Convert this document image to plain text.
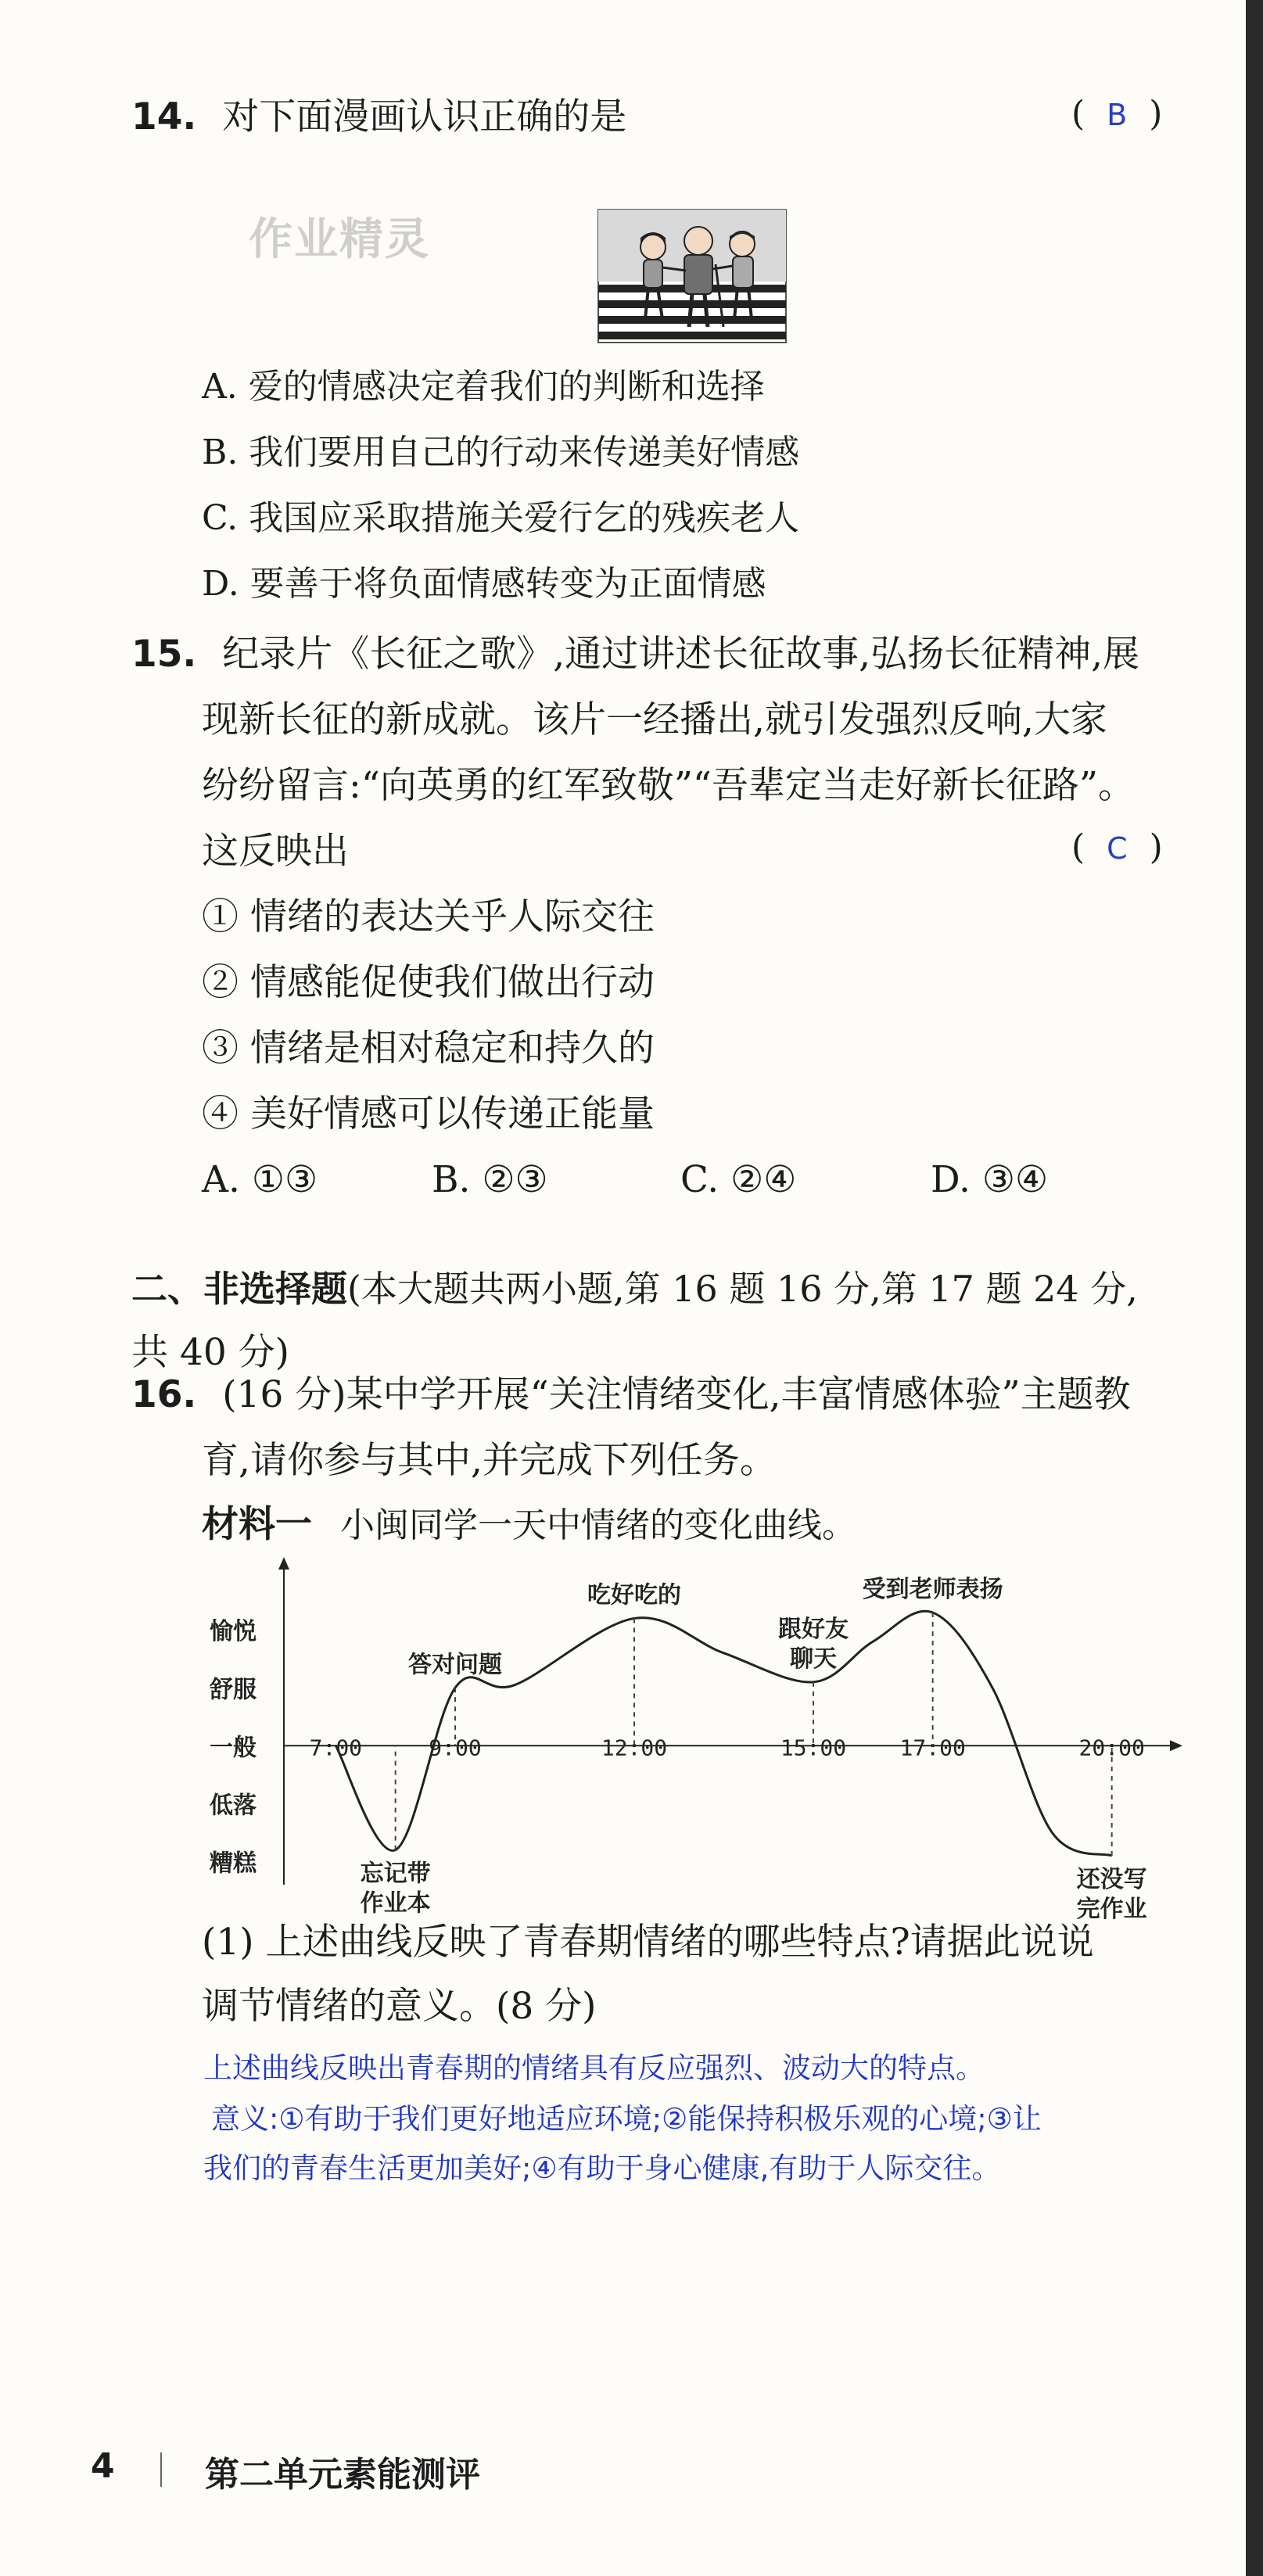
14. 对下面漫画认识正确的是	(  B  )
作业精灵
A. 爱的情感决定着我们的判断和选择
B. 我们要用自己的行动来传递美好情感
C. 我国应采取措施关爱行乞的残疾老人
D. 要善于将负面情感转变为正面情感
15. 纪录片《长征之歌》,通过讲述长征故事,弘扬长征精神,展
现新长征的新成就。该片一经播出,就引发强烈反响,大家
纷纷留言:“向英勇的红军致敬”“吾辈定当走好新长征路”。
这反映出	(  C  )
① 情绪的表达关乎人际交往
② 情感能促使我们做出行动
③ 情绪是相对稳定和持久的
④ 美好情感可以传递正能量
A. ①③	B. ②③	C. ②④	D. ③④
二、非选择题(本大题共两小题,第 16 题 16 分,第 17 题 24 分,
共 40 分)
16. (16 分)某中学开展“关注情绪变化,丰富情感体验”主题教
育,请你参与其中,并完成下列任务。
材料一 小闽同学一天中情绪的变化曲线。
愉悦
舒服
一般
低落
糟糕
7:00	9:00	12:00	15:00 17:00	20:00
忘记带
作业本
答对问题
吃好吃的
跟好友
聊天
受到老师表扬
还没写
完作业
(1) 上述曲线反映了青春期情绪的哪些特点?请据此说说
调节情绪的意义。(8 分)
上述曲线反映出青春期的情绪具有反应强烈、波动大的特点。
意义:①有助于我们更好地适应环境;②能保持积极乐观的心境;③让
我们的青春生活更加美好;④有助于身心健康,有助于人际交往。
4	第二单元素能测评
